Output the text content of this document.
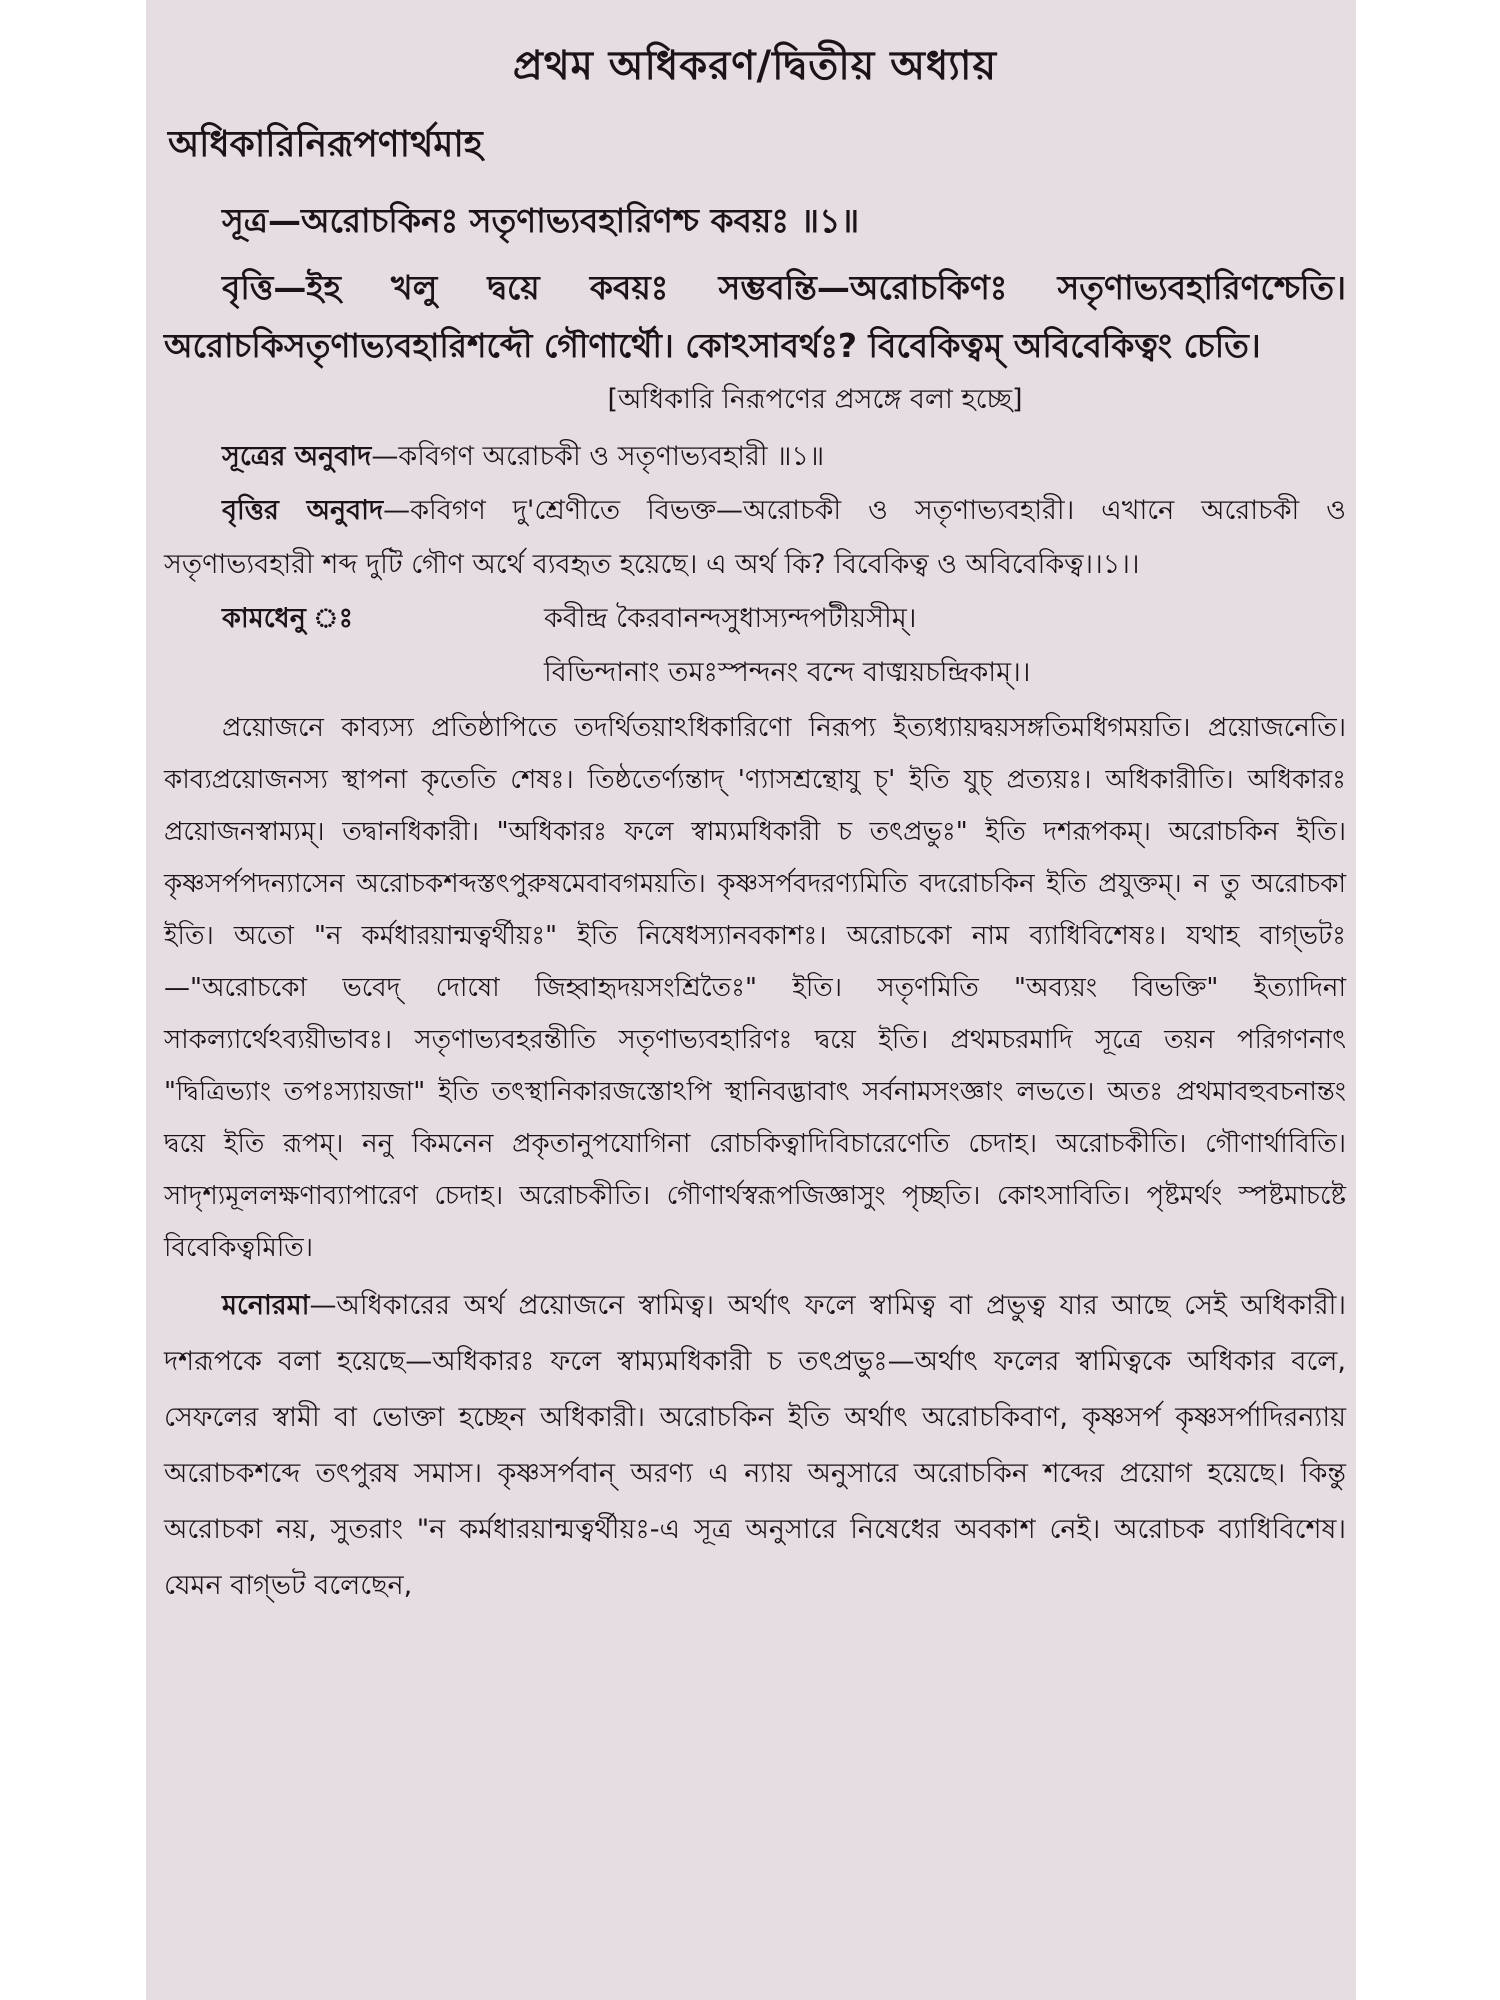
প্রথম অধিকরণ/দ্বিতীয় অধ্যায়
অধিকারিনিরূপণার্থমাহ
সূত্র—অরোচকিনঃ সতৃণাভ্যবহারিণশ্চ কবয়ঃ ॥১॥

বৃত্তি—ইহ খলু দ্বয়ে কবয়ঃ সম্ভবন্তি—অরোচকিণঃ সতৃণাভ্যবহারিণশ্চেতি। অরোচকিসতৃণাভ্যবহারিশব্দৌ গৌণার্থৌ। কোঽসাবর্থঃ? বিবেকিত্বম্ অবিবেকিত্বং চেতি।

[অধিকারি নিরূপণের প্রসঙ্গে বলা হচ্ছে]

সূত্রের অনুবাদ—কবিগণ অরোচকী ও সতৃণাভ্যবহারী ॥১॥

বৃত্তির অনুবাদ—কবিগণ দু'শ্রেণীতে বিভক্ত—অরোচকী ও সতৃণাভ্যবহারী। এখানে অরোচকী ও সতৃণাভ্যবহারী শব্দ দুটি গৌণ অর্থে ব্যবহৃত হয়েছে। এ অর্থ কি? বিবেকিত্ব ও অবিবেকিত্ব।।১।।

কামধেনু ঃ	কবীন্দ্র কৈরবানন্দসুধাস্যন্দপটীয়সীম্।
বিভিন্দানাং তমঃস্পন্দনং বন্দে বাঙ্ময়চন্দ্রিকাম্।।

প্রয়োজনে কাব্যস্য প্রতিষ্ঠাপিতে তদর্থিতয়াঽধিকারিণো নিরূপ্য ইত্যধ্যায়দ্বয়সঙ্গতিমধিগময়তি। প্রয়োজনেতি। কাব্যপ্রয়োজনস্য স্থাপনা কৃতেতি শেষঃ। তিষ্ঠতের্ণ্যন্তাদ্ 'ণ্যাসশ্রন্থোযু চ্' ইতি যুচ্ প্রত্যয়ঃ। অধিকারীতি। অধিকারঃ প্রয়োজনস্বাম্যম্। তদ্বানধিকারী। "অধিকারঃ ফলে স্বাম্যমধিকারী চ তৎপ্রভুঃ" ইতি দশরূপকম্। অরোচকিন ইতি। কৃষ্ণসর্পপদন্যাসেন অরোচকশব্দস্তৎপুরুষমেবাবগময়তি। কৃষ্ণসর্পবদরণ্যমিতি বদরোচকিন ইতি প্রযুক্তম্। ন তু অরোচকা ইতি। অতো "ন কর্মধারয়ান্মত্বর্থীয়ঃ" ইতি নিষেধস্যানবকাশঃ। অরোচকো নাম ব্যাধিবিশেষঃ। যথাহ বাগ্ভটঃ—"অরোচকো ভবেদ্ দোষো জিহ্বাহৃদয়সংশ্রিতৈঃ" ইতি। সতৃণমিতি "অব্যয়ং বিভক্তি" ইত্যাদিনা সাকল্যার্থেঽব্যয়ীভাবঃ। সতৃণাভ্যবহরন্তীতি সতৃণাভ্যবহারিণঃ দ্বয়ে ইতি। প্রথমচরমাদি সূত্রে তয়ন পরিগণনাৎ "দ্বিত্রিভ্যাং তপঃস্যায়জা" ইতি তৎস্থানিকারজস্তোঽপি স্থানিবদ্ভাবাৎ সর্বনামসংজ্ঞাং লভতে। অতঃ প্রথমাবহুবচনান্তং দ্বয়ে ইতি রূপম্। ননু কিমনেন প্রকৃতানুপযোগিনা রোচকিত্বাদিবিচারেণেতি চেদাহ। অরোচকীতি। গৌণার্থাবিতি। সাদৃশ্যমূললক্ষণাব্যাপারেণ চেদাহ। অরোচকীতি। গৌণার্থস্বরূপজিজ্ঞাসুং পৃচ্ছতি। কোঽসাবিতি। পৃষ্টমর্থং স্পষ্টমাচষ্টে বিবেকিত্বমিতি।

মনোরমা—অধিকারের অর্থ প্রয়োজনে স্বামিত্ব। অর্থাৎ ফলে স্বামিত্ব বা প্রভুত্ব যার আছে সেই অধিকারী। দশরূপকে বলা হয়েছে—অধিকারঃ ফলে স্বাম্যমধিকারী চ তৎপ্রভুঃ—অর্থাৎ ফলের স্বামিত্বকে অধিকার বলে, সেফলের স্বামী বা ভোক্তা হচ্ছেন অধিকারী। অরোচকিন ইতি অর্থাৎ অরোচকিবাণ, কৃষ্ণসর্প কৃষ্ণসর্পাদিরন্যায় অরোচকশব্দে তৎপুরষ সমাস। কৃষ্ণসর্পবান্ অরণ্য এ ন্যায় অনুসারে অরোচকিন শব্দের প্রয়োগ হয়েছে। কিন্তু অরোচকা নয়, সুতরাং "ন কর্মধারয়ান্মত্বর্থীয়ঃ-এ সূত্র অনুসারে নিষেধের অবকাশ নেই। অরোচক ব্যাধিবিশেষ। যেমন বাগ্ভট বলেছেন,
